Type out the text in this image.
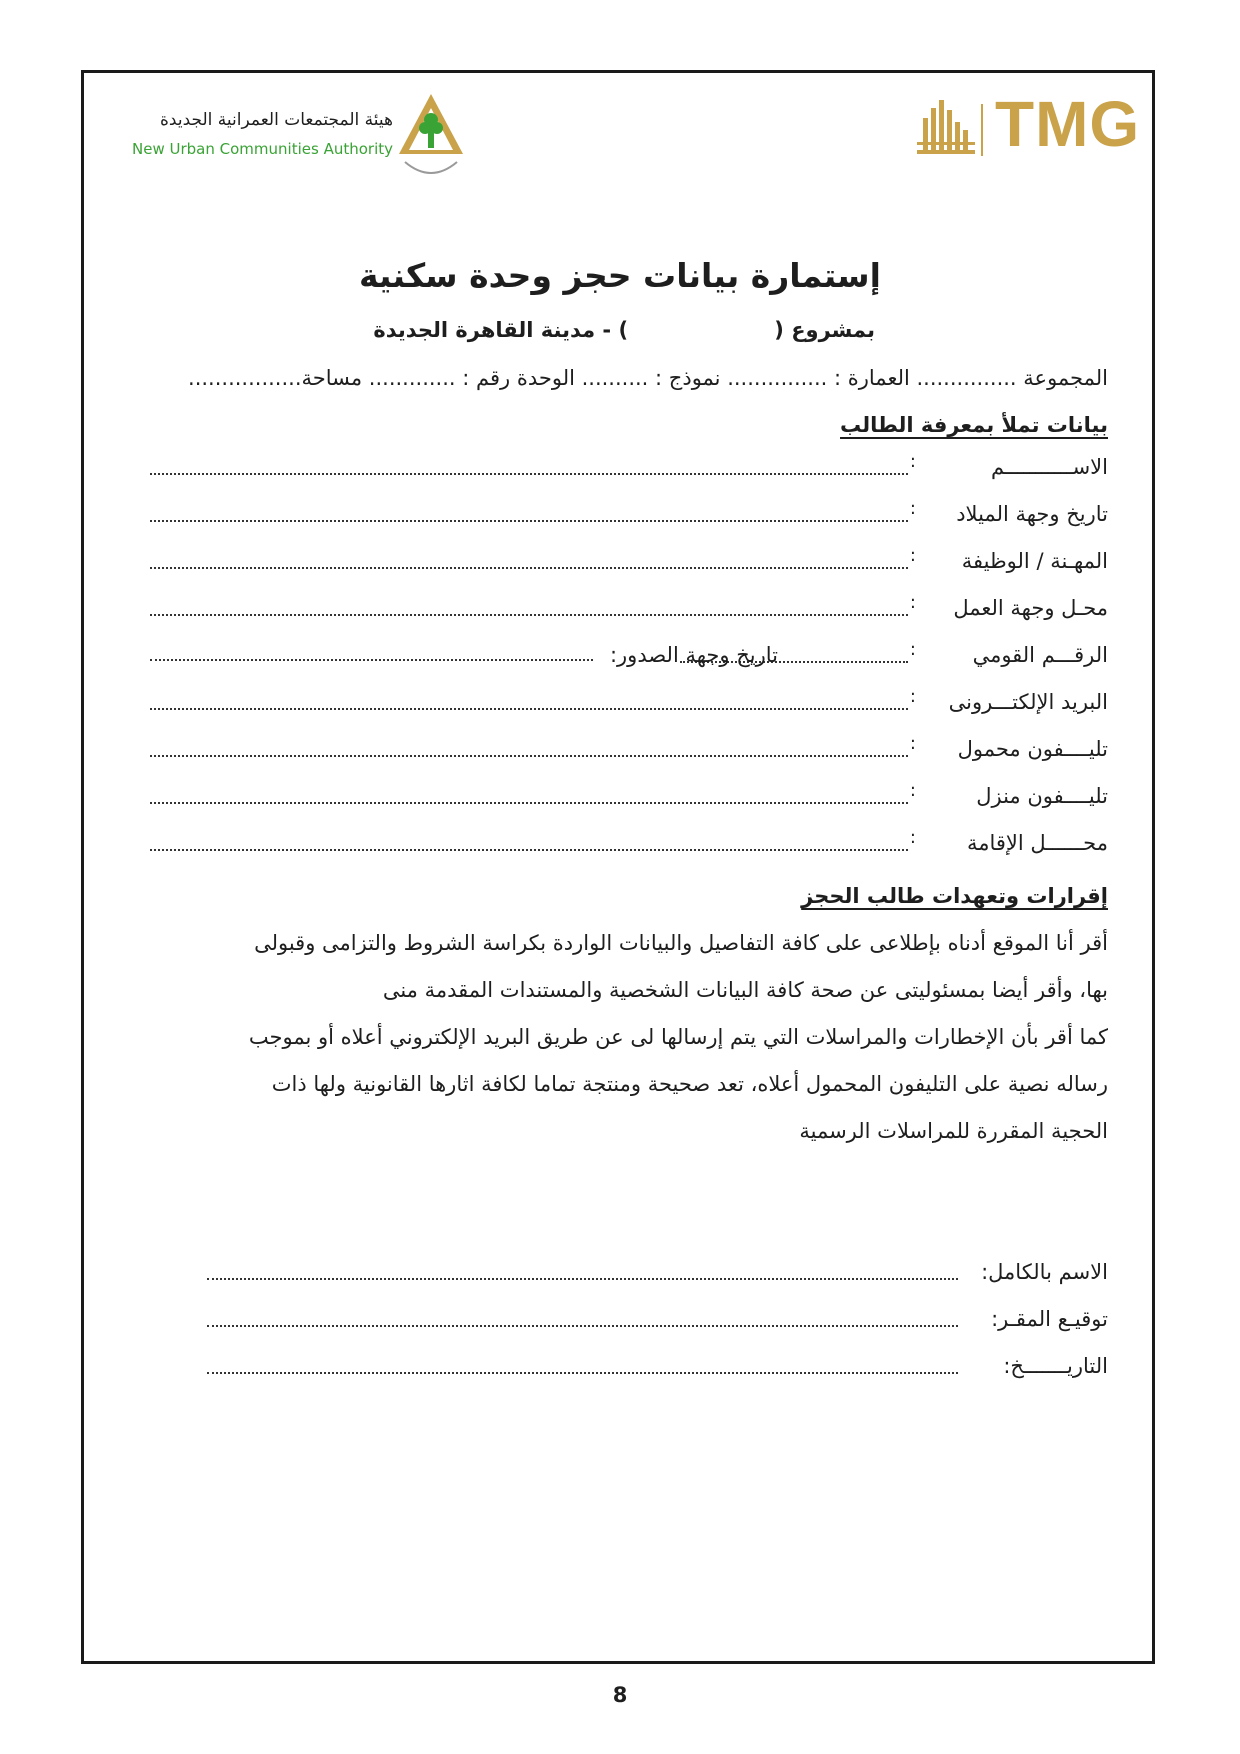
TMG
هيئة المجتمعات العمرانية الجديدة
New Urban Communities Authority
إستمارة بيانات حجز وحدة سكنية
بمشروع (                    ) - مدينة القاهرة الجديدة
المجموعة ............... العمارة : ............... نموذج : .......... الوحدة رقم : ............. مساحة.................
بيانات تملأ بمعرفة الطالب
الاســـــــــــم
:
تاريخ وجهة الميلاد
:
المهـنة / الوظيفة
:
محـل وجهة العمل
:
الرقـــم القومي
:
تاريخ وجهة الصدور:
البريد الإلكتـــرونى
:
تليــــفون محمول
:
تليــــفون منزل
:
محــــــل الإقامة
:
إقرارات وتعهدات طالب الحجز
أقر أنا الموقع أدناه بإطلاعى على كافة التفاصيل والبيانات الواردة بكراسة الشروط والتزامى وقبولى
بها، وأقر أيضا بمسئوليتى عن صحة كافة البيانات الشخصية والمستندات المقدمة منى
كما أقر بأن الإخطارات والمراسلات التي يتم إرسالها لى عن طريق البريد الإلكتروني أعلاه أو بموجب
رساله نصية على التليفون المحمول أعلاه، تعد صحيحة ومنتجة تماما لكافة اثارها القانونية ولها ذات
الحجية المقررة للمراسلات الرسمية
الاسم بالكامل:
توقيـع المقـر:
التاريـــــــخ:
8
